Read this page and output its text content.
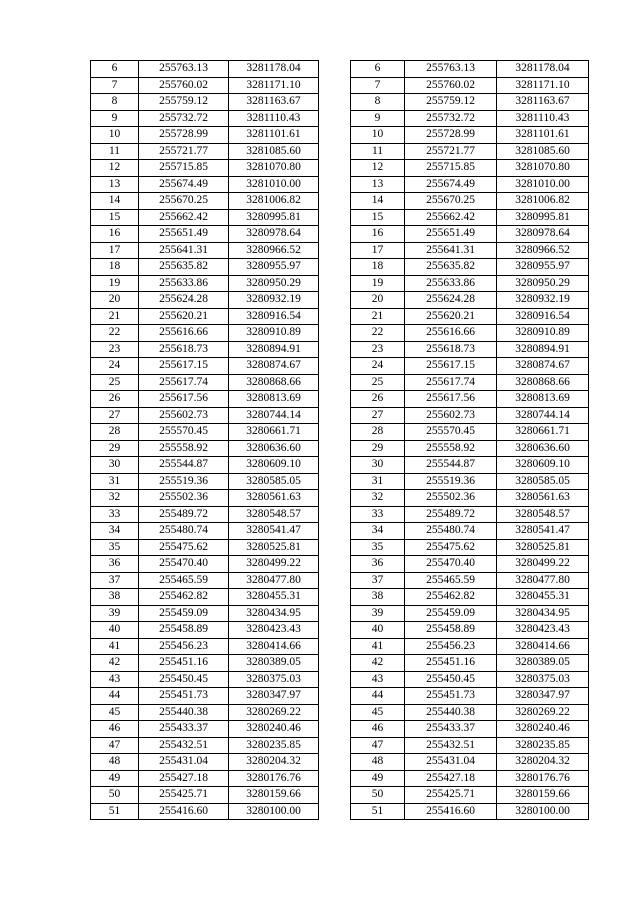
6	255763.13	3281178.04
7	255760.02	3281171.10
8	255759.12	3281163.67
9	255732.72	3281110.43
10	255728.99	3281101.61
11	255721.77	3281085.60
12	255715.85	3281070.80
13	255674.49	3281010.00
14	255670.25	3281006.82
15	255662.42	3280995.81
16	255651.49	3280978.64
17	255641.31	3280966.52
18	255635.82	3280955.97
19	255633.86	3280950.29
20	255624.28	3280932.19
21	255620.21	3280916.54
22	255616.66	3280910.89
23	255618.73	3280894.91
24	255617.15	3280874.67
25	255617.74	3280868.66
26	255617.56	3280813.69
27	255602.73	3280744.14
28	255570.45	3280661.71
29	255558.92	3280636.60
30	255544.87	3280609.10
31	255519.36	3280585.05
32	255502.36	3280561.63
33	255489.72	3280548.57
34	255480.74	3280541.47
35	255475.62	3280525.81
36	255470.40	3280499.22
37	255465.59	3280477.80
38	255462.82	3280455.31
39	255459.09	3280434.95
40	255458.89	3280423.43
41	255456.23	3280414.66
42	255451.16	3280389.05
43	255450.45	3280375.03
44	255451.73	3280347.97
45	255440.38	3280269.22
46	255433.37	3280240.46
47	255432.51	3280235.85
48	255431.04	3280204.32
49	255427.18	3280176.76
50	255425.71	3280159.66
51	255416.60	3280100.00
6	255763.13	3281178.04
7	255760.02	3281171.10
8	255759.12	3281163.67
9	255732.72	3281110.43
10	255728.99	3281101.61
11	255721.77	3281085.60
12	255715.85	3281070.80
13	255674.49	3281010.00
14	255670.25	3281006.82
15	255662.42	3280995.81
16	255651.49	3280978.64
17	255641.31	3280966.52
18	255635.82	3280955.97
19	255633.86	3280950.29
20	255624.28	3280932.19
21	255620.21	3280916.54
22	255616.66	3280910.89
23	255618.73	3280894.91
24	255617.15	3280874.67
25	255617.74	3280868.66
26	255617.56	3280813.69
27	255602.73	3280744.14
28	255570.45	3280661.71
29	255558.92	3280636.60
30	255544.87	3280609.10
31	255519.36	3280585.05
32	255502.36	3280561.63
33	255489.72	3280548.57
34	255480.74	3280541.47
35	255475.62	3280525.81
36	255470.40	3280499.22
37	255465.59	3280477.80
38	255462.82	3280455.31
39	255459.09	3280434.95
40	255458.89	3280423.43
41	255456.23	3280414.66
42	255451.16	3280389.05
43	255450.45	3280375.03
44	255451.73	3280347.97
45	255440.38	3280269.22
46	255433.37	3280240.46
47	255432.51	3280235.85
48	255431.04	3280204.32
49	255427.18	3280176.76
50	255425.71	3280159.66
51	255416.60	3280100.00
